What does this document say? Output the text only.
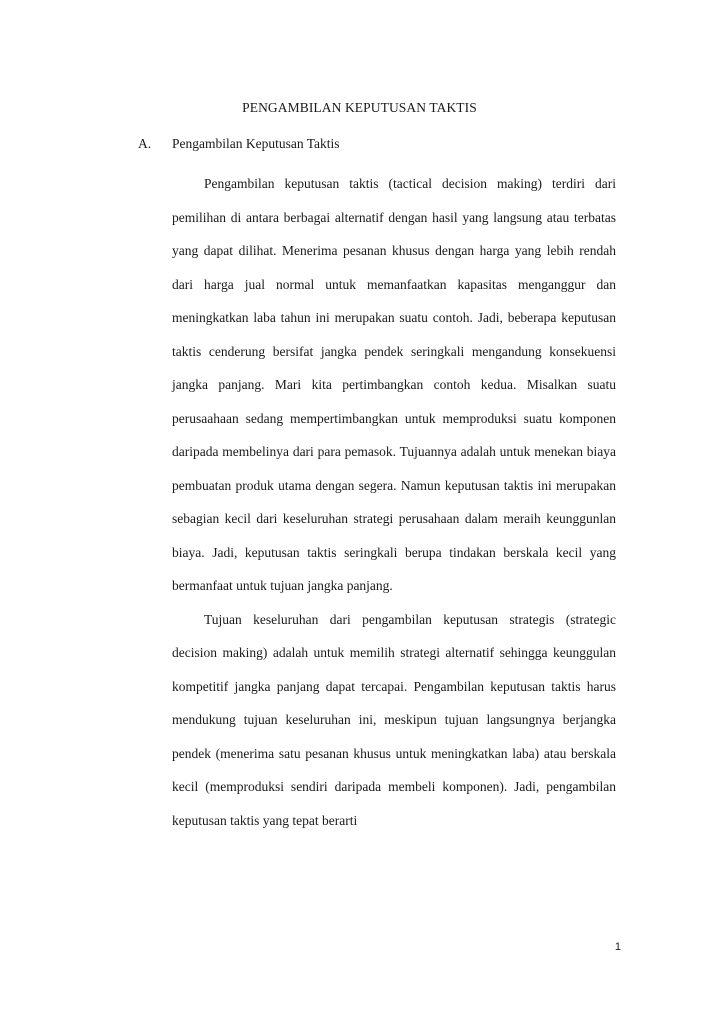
PENGAMBILAN KEPUTUSAN TAKTIS
A. Pengambilan Keputusan Taktis

Pengambilan keputusan taktis (tactical decision making) terdiri dari pemilihan di antara berbagai alternatif dengan hasil yang langsung atau terbatas yang dapat dilihat. Menerima pesanan khusus dengan harga yang lebih rendah dari harga jual normal untuk memanfaatkan kapasitas menganggur dan meningkatkan laba tahun ini merupakan suatu contoh. Jadi, beberapa keputusan taktis cenderung bersifat jangka pendek seringkali mengandung konsekuensi jangka panjang. Mari kita pertimbangkan contoh kedua. Misalkan suatu perusaahaan sedang mempertimbangkan untuk memproduksi suatu komponen daripada membelinya dari para pemasok. Tujuannya adalah untuk menekan biaya pembuatan produk utama dengan segera. Namun keputusan taktis ini merupakan sebagian kecil dari keseluruhan strategi perusahaan dalam meraih keunggunlan biaya. Jadi, keputusan taktis seringkali berupa tindakan berskala kecil yang bermanfaat untuk tujuan jangka panjang.

Tujuan keseluruhan dari pengambilan keputusan strategis (strategic decision making) adalah untuk memilih strategi alternatif sehingga keunggulan kompetitif jangka panjang dapat tercapai. Pengambilan keputusan taktis harus mendukung tujuan keseluruhan ini, meskipun tujuan langsungnya berjangka pendek (menerima satu pesanan khusus untuk meningkatkan laba) atau berskala kecil (memproduksi sendiri daripada membeli komponen). Jadi, pengambilan keputusan taktis yang tepat berarti

1
